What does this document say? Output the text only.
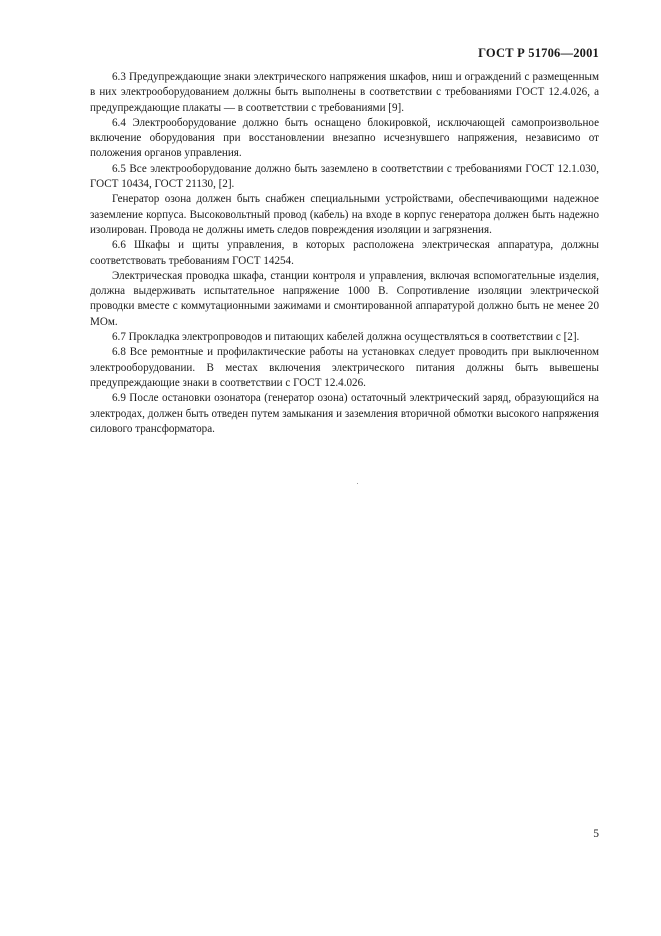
ГОСТ Р 51706—2001

6.3 Предупреждающие знаки электрического напряжения шкафов, ниш и ограждений с размещенным в них электрооборудованием должны быть выполнены в соответствии с требованиями ГОСТ 12.4.026, а предупреждающие плакаты — в соответствии с требованиями [9].

6.4 Электрооборудование должно быть оснащено блокировкой, исключающей самопроизвольное включение оборудования при восстановлении внезапно исчезнувшего напряжения, независимо от положения органов управления.

6.5 Все электрооборудование должно быть заземлено в соответствии с требованиями ГОСТ 12.1.030, ГОСТ 10434, ГОСТ 21130, [2].

Генератор озона должен быть снабжен специальными устройствами, обеспечивающими надежное заземление корпуса. Высоковольтный провод (кабель) на входе в корпус генератора должен быть надежно изолирован. Провода не должны иметь следов повреждения изоляции и загрязнения.

6.6 Шкафы и щиты управления, в которых расположена электрическая аппаратура, должны соответствовать требованиям ГОСТ 14254.

Электрическая проводка шкафа, станции контроля и управления, включая вспомогательные изделия, должна выдерживать испытательное напряжение 1000 В. Сопротивление изоляции электрической проводки вместе с коммутационными зажимами и смонтированной аппаратурой должно быть не менее 20 МОм.

6.7 Прокладка электропроводов и питающих кабелей должна осуществляться в соответствии с [2].

6.8 Все ремонтные и профилактические работы на установках следует проводить при выключенном электрооборудовании. В местах включения электрического питания должны быть вывешены предупреждающие знаки в соответствии с ГОСТ 12.4.026.

6.9 После остановки озонатора (генератор озона) остаточный электрический заряд, образующийся на электродах, должен быть отведен путем замыкания и заземления вторичной обмотки высокого напряжения силового трансформатора.

5
